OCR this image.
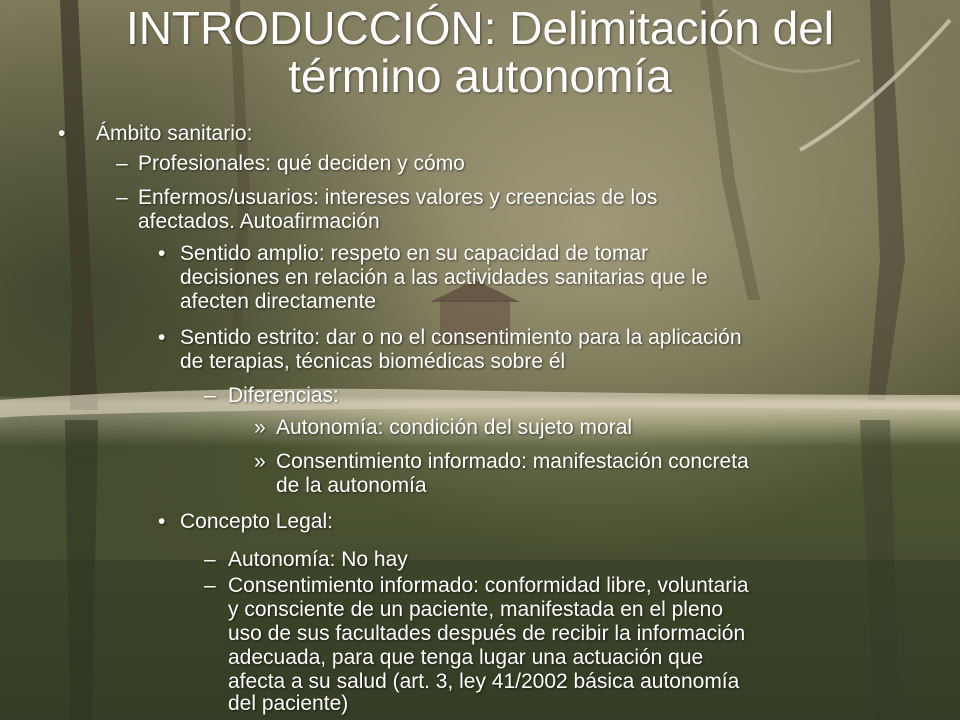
INTRODUCCIÓN: Delimitación del
término autonomía
• Ámbito sanitario:
– Profesionales: qué deciden y cómo
– Enfermos/usuarios: intereses valores y creencias de los
afectados. Autoafirmación
• Sentido amplio: respeto en su capacidad de tomar
decisiones en relación a las actividades sanitarias que le
afecten directamente
• Sentido estrito: dar o no el consentimiento para la aplicación
de terapias, técnicas biomédicas sobre él
– Diferencias:
» Autonomía: condición del sujeto moral
» Consentimiento informado: manifestación concreta
de la autonomía
• Concepto Legal:
– Autonomía: No hay
– Consentimiento informado: conformidad libre, voluntaria
y consciente de un paciente, manifestada en el pleno
uso de sus facultades después de recibir la información
adecuada, para que tenga lugar una actuación que
afecta a su salud (art. 3, ley 41/2002 básica autonomía
del paciente)
